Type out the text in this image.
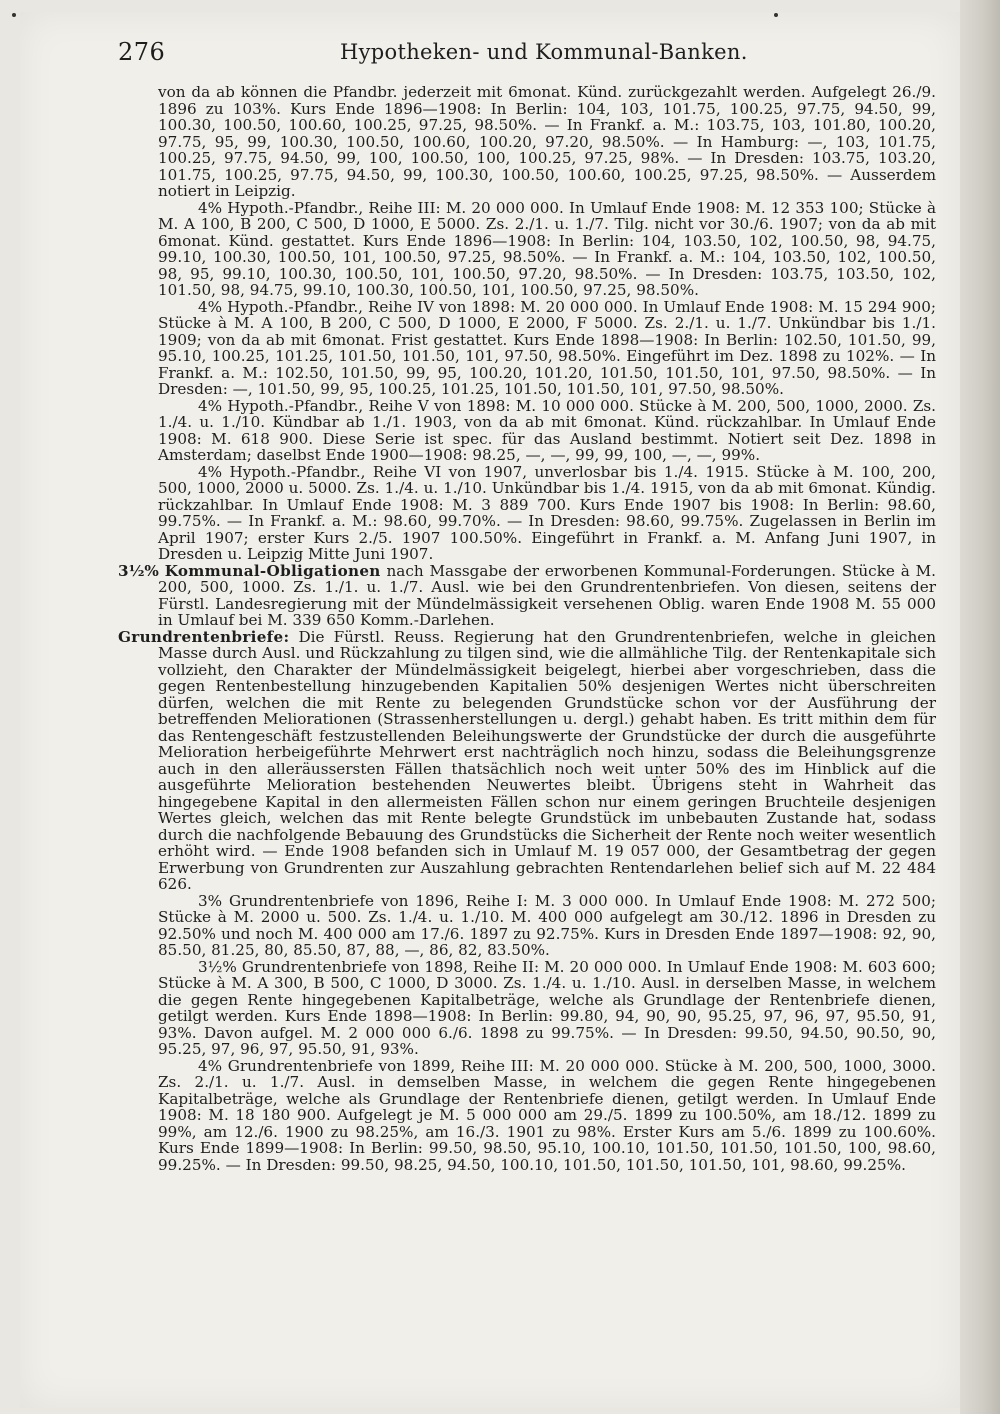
276	Hypotheken- und Kommunal-Banken.

von da ab können die Pfandbr. jederzeit mit 6monat. Künd. zurückgezahlt werden. Aufgelegt 26./9. 1896 zu 103%. Kurs Ende 1896—1908: In Berlin: 104, 103, 101.75, 100.25, 97.75, 94.50, 99, 100.30, 100.50, 100.60, 100.25, 97.25, 98.50%. — In Frankf. a. M.: 103.75, 103, 101.80, 100.20, 97.75, 95, 99, 100.30, 100.50, 100.60, 100.20, 97.20, 98.50%. — In Hamburg: —, 103, 101.75, 100.25, 97.75, 94.50, 99, 100, 100.50, 100, 100.25, 97.25, 98%. — In Dresden: 103.75, 103.20, 101.75, 100.25, 97.75, 94.50, 99, 100.30, 100.50, 100.60, 100.25, 97.25, 98.50%. — Ausserdem notiert in Leipzig.

4% Hypoth.-Pfandbr., Reihe III: M. 20 000 000. In Umlauf Ende 1908: M. 12 353 100; Stücke à M. A 100, B 200, C 500, D 1000, E 5000. Zs. 2./1. u. 1./7. Tilg. nicht vor 30./6. 1907; von da ab mit 6monat. Künd. gestattet. Kurs Ende 1896—1908: In Berlin: 104, 103.50, 102, 100.50, 98, 94.75, 99.10, 100.30, 100.50, 101, 100.50, 97.25, 98.50%. — In Frankf. a. M.: 104, 103.50, 102, 100.50, 98, 95, 99.10, 100.30, 100.50, 101, 100.50, 97.20, 98.50%. — In Dresden: 103.75, 103.50, 102, 101.50, 98, 94.75, 99.10, 100.30, 100.50, 101, 100.50, 97.25, 98.50%.

4% Hypoth.-Pfandbr., Reihe IV von 1898: M. 20 000 000. In Umlauf Ende 1908: M. 15 294 900; Stücke à M. A 100, B 200, C 500, D 1000, E 2000, F 5000. Zs. 2./1. u. 1./7. Unkündbar bis 1./1. 1909; von da ab mit 6monat. Frist gestattet. Kurs Ende 1898—1908: In Berlin: 102.50, 101.50, 99, 95.10, 100.25, 101.25, 101.50, 101.50, 101, 97.50, 98.50%. Eingeführt im Dez. 1898 zu 102%. — In Frankf. a. M.: 102.50, 101.50, 99, 95, 100.20, 101.20, 101.50, 101.50, 101, 97.50, 98.50%. — In Dresden: —, 101.50, 99, 95, 100.25, 101.25, 101.50, 101.50, 101, 97.50, 98.50%.

4% Hypoth.-Pfandbr., Reihe V von 1898: M. 10 000 000. Stücke à M. 200, 500, 1000, 2000. Zs. 1./4. u. 1./10. Kündbar ab 1./1. 1903, von da ab mit 6monat. Künd. rückzahlbar. In Umlauf Ende 1908: M. 618 900. Diese Serie ist spec. für das Ausland bestimmt. Notiert seit Dez. 1898 in Amsterdam; daselbst Ende 1900—1908: 98.25, —, —, 99, 99, 100, —, —, 99%.

4% Hypoth.-Pfandbr., Reihe VI von 1907, unverlosbar bis 1./4. 1915. Stücke à M. 100, 200, 500, 1000, 2000 u. 5000. Zs. 1./4. u. 1./10. Unkündbar bis 1./4. 1915, von da ab mit 6monat. Kündig. rückzahlbar. In Umlauf Ende 1908: M. 3 889 700. Kurs Ende 1907 bis 1908: In Berlin: 98.60, 99.75%. — In Frankf. a. M.: 98.60, 99.70%. — In Dresden: 98.60, 99.75%. Zugelassen in Berlin im April 1907; erster Kurs 2./5. 1907 100.50%. Eingeführt in Frankf. a. M. Anfang Juni 1907, in Dresden u. Leipzig Mitte Juni 1907.

3½% Kommunal-Obligationen nach Massgabe der erworbenen Kommunal-Forderungen. Stücke à M. 200, 500, 1000. Zs. 1./1. u. 1./7. Ausl. wie bei den Grundrentenbriefen. Von diesen, seitens der Fürstl. Landesregierung mit der Mündelmässigkeit versehenen Oblig. waren Ende 1908 M. 55 000 in Umlauf bei M. 339 650 Komm.-Darlehen.

Grundrentenbriefe: Die Fürstl. Reuss. Regierung hat den Grundrentenbriefen, welche in gleichen Masse durch Ausl. und Rückzahlung zu tilgen sind, wie die allmähliche Tilg. der Rentenkapitale sich vollzieht, den Charakter der Mündelmässigkeit beigelegt, hierbei aber vorgeschrieben, dass die gegen Rentenbestellung hinzugebenden Kapitalien 50% desjenigen Wertes nicht überschreiten dürfen, welchen die mit Rente zu belegenden Grundstücke schon vor der Ausführung der betreffenden Meliorationen (Strassenherstellungen u. dergl.) gehabt haben. Es tritt mithin dem für das Rentengeschäft festzustellenden Beleihungswerte der Grundstücke der durch die ausgeführte Melioration herbeigeführte Mehrwert erst nachträglich noch hinzu, sodass die Beleihungsgrenze auch in den alleräussersten Fällen thatsächlich noch weit unter 50% des im Hinblick auf die ausgeführte Melioration bestehenden Neuwertes bleibt. Übrigens steht in Wahrheit das hingegebene Kapital in den allermeisten Fällen schon nur einem geringen Bruchteile desjenigen Wertes gleich, welchen das mit Rente belegte Grundstück im unbebauten Zustande hat, sodass durch die nachfolgende Bebauung des Grundstücks die Sicherheit der Rente noch weiter wesentlich erhöht wird. — Ende 1908 befanden sich in Umlauf M. 19 057 000, der Gesamtbetrag der gegen Erwerbung von Grundrenten zur Auszahlung gebrachten Rentendarlehen belief sich auf M. 22 484 626.

3% Grundrentenbriefe von 1896, Reihe I: M. 3 000 000. In Umlauf Ende 1908: M. 272 500; Stücke à M. 2000 u. 500. Zs. 1./4. u. 1./10. M. 400 000 aufgelegt am 30./12. 1896 in Dresden zu 92.50% und noch M. 400 000 am 17./6. 1897 zu 92.75%. Kurs in Dresden Ende 1897—1908: 92, 90, 85.50, 81.25, 80, 85.50, 87, 88, —, 86, 82, 83.50%.

3½% Grundrentenbriefe von 1898, Reihe II: M. 20 000 000. In Umlauf Ende 1908: M. 603 600; Stücke à M. A 300, B 500, C 1000, D 3000. Zs. 1./4. u. 1./10. Ausl. in derselben Masse, in welchem die gegen Rente hingegebenen Kapitalbeträge, welche als Grundlage der Rentenbriefe dienen, getilgt werden. Kurs Ende 1898—1908: In Berlin: 99.80, 94, 90, 90, 95.25, 97, 96, 97, 95.50, 91, 93%. Davon aufgel. M. 2 000 000 6./6. 1898 zu 99.75%. — In Dresden: 99.50, 94.50, 90.50, 90, 95.25, 97, 96, 97, 95.50, 91, 93%.

4% Grundrentenbriefe von 1899, Reihe III: M. 20 000 000. Stücke à M. 200, 500, 1000, 3000. Zs. 2./1. u. 1./7. Ausl. in demselben Masse, in welchem die gegen Rente hingegebenen Kapitalbeträge, welche als Grundlage der Rentenbriefe dienen, getilgt werden. In Umlauf Ende 1908: M. 18 180 900. Aufgelegt je M. 5 000 000 am 29./5. 1899 zu 100.50%, am 18./12. 1899 zu 99%, am 12./6. 1900 zu 98.25%, am 16./3. 1901 zu 98%. Erster Kurs am 5./6. 1899 zu 100.60%. Kurs Ende 1899—1908: In Berlin: 99.50, 98.50, 95.10, 100.10, 101.50, 101.50, 101.50, 100, 98.60, 99.25%. — In Dresden: 99.50, 98.25, 94.50, 100.10, 101.50, 101.50, 101.50, 101, 98.60, 99.25%.
